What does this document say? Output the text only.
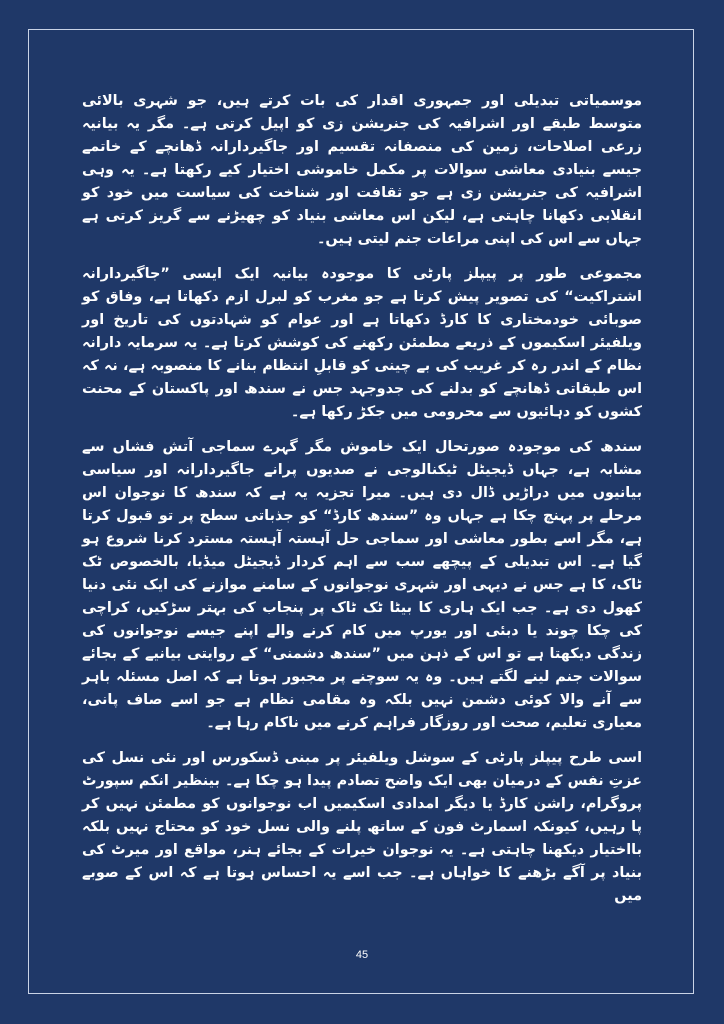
موسمیاتی تبدیلی اور جمہوری اقدار کی بات کرتے ہیں، جو شہری بالائی متوسط طبقے اور اشرافیہ کی جنریشن زی کو اپیل کرتی ہے۔ مگر یہ بیانیہ زرعی اصلاحات، زمین کی منصفانہ تقسیم اور جاگیردارانہ ڈھانچے کے خاتمے جیسے بنیادی معاشی سوالات پر مکمل خاموشی اختیار کیے رکھتا ہے۔ یہ وہی اشرافیہ کی جنریشن زی ہے جو ثقافت اور شناخت کی سیاست میں خود کو انقلابی دکھانا چاہتی ہے، لیکن اس معاشی بنیاد کو چھیڑنے سے گریز کرتی ہے جہاں سے اس کی اپنی مراعات جنم لیتی ہیں۔

مجموعی طور پر پیپلز پارٹی کا موجودہ بیانیہ ایک ایسی ”جاگیردارانہ اشتراکیت“ کی تصویر پیش کرتا ہے جو مغرب کو لبرل ازم دکھاتا ہے، وفاق کو صوبائی خودمختاری کا کارڈ دکھاتا ہے اور عوام کو شہادتوں کی تاریخ اور ویلفیئر اسکیموں کے ذریعے مطمئن رکھنے کی کوشش کرتا ہے۔ یہ سرمایہ دارانہ نظام کے اندر رہ کر غریب کی بے چینی کو قابلِ انتظام بنانے کا منصوبہ ہے، نہ کہ اس طبقاتی ڈھانچے کو بدلنے کی جدوجہد جس نے سندھ اور پاکستان کے محنت کشوں کو دہائیوں سے محرومی میں جکڑ رکھا ہے۔

سندھ کی موجودہ صورتحال ایک خاموش مگر گہرے سماجی آتش فشاں سے مشابہ ہے، جہاں ڈیجیٹل ٹیکنالوجی نے صدیوں پرانے جاگیردارانہ اور سیاسی بیانیوں میں دراڑیں ڈال دی ہیں۔ میرا تجزیہ یہ ہے کہ سندھ کا نوجوان اس مرحلے پر پہنچ چکا ہے جہاں وہ ”سندھ کارڈ“ کو جذباتی سطح پر تو قبول کرتا ہے، مگر اسے بطور معاشی اور سماجی حل آہستہ آہستہ مسترد کرنا شروع ہو گیا ہے۔ اس تبدیلی کے پیچھے سب سے اہم کردار ڈیجیٹل میڈیا، بالخصوص ٹک ٹاک، کا ہے جس نے دیہی اور شہری نوجوانوں کے سامنے موازنے کی ایک نئی دنیا کھول دی ہے۔ جب ایک ہاری کا بیٹا ٹک ٹاک پر پنجاب کی بہتر سڑکیں، کراچی کی چکا چوند یا دبئی اور یورپ میں کام کرنے والے اپنے جیسے نوجوانوں کی زندگی دیکھتا ہے تو اس کے ذہن میں ”سندھ دشمنی“ کے روایتی بیانیے کے بجائے سوالات جنم لینے لگتے ہیں۔ وہ یہ سوچنے پر مجبور ہوتا ہے کہ اصل مسئلہ باہر سے آنے والا کوئی دشمن نہیں بلکہ وہ مقامی نظام ہے جو اسے صاف پانی، معیاری تعلیم، صحت اور روزگار فراہم کرنے میں ناکام رہا ہے۔

اسی طرح پیپلز پارٹی کے سوشل ویلفیئر پر مبنی ڈسکورس اور نئی نسل کی عزتِ نفس کے درمیان بھی ایک واضح تصادم پیدا ہو چکا ہے۔ بینظیر انکم سپورٹ پروگرام، راشن کارڈ یا دیگر امدادی اسکیمیں اب نوجوانوں کو مطمئن نہیں کر پا رہیں، کیونکہ اسمارٹ فون کے ساتھ پلنے والی نسل خود کو محتاج نہیں بلکہ بااختیار دیکھنا چاہتی ہے۔ یہ نوجوان خیرات کے بجائے ہنر، مواقع اور میرٹ کی بنیاد پر آگے بڑھنے کا خواہاں ہے۔ جب اسے یہ احساس ہوتا ہے کہ اس کے صوبے میں

45
